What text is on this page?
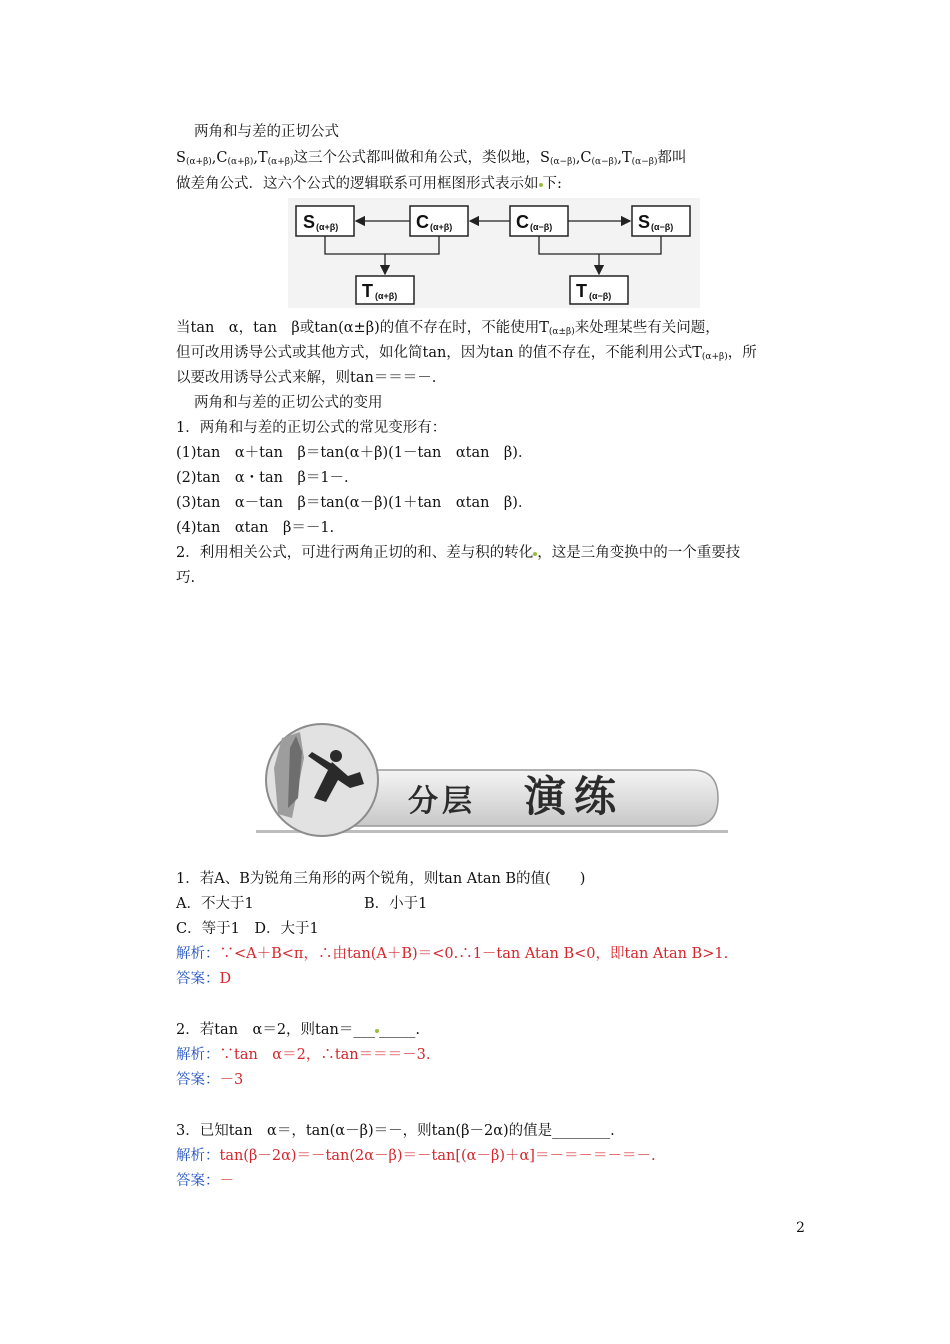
两角和与差的正切公式
$S_{(\alpha+\beta)},C_{(\alpha+\beta)},T_{(\alpha+\beta)}$这三个公式都叫做和角公式，类似地，$S_{(\alpha-\beta)},C_{(\alpha-\beta)},T_{(\alpha-\beta)}$都叫
做差角公式．这六个公式的逻辑联系可用框图形式表示如 下:
S (α+β)	C (α+β)	C (α−β)	S (α−β)
T (α+β)	T (α−β)
当tan　α，tan　β或tan(α±β)的值不存在时，不能使用$T_{(\alpha\pm\beta)}$来处理某些有关问题，
但可改用诱导公式或其他方式，如化简tan，因为tan 的值不存在，不能利用公式$T_{(\alpha+\beta)}$，所
以要改用诱导公式来解，则tan＝＝＝－.
两角和与差的正切公式的变用
1．两角和与差的正切公式的常见变形有：
(1)tan　α＋tan　β＝tan(α＋β)(1－tan　αtan　β)．
(2)tan　α・tan　β＝1－.
(3)tan　α－tan　β＝tan(α－β)(1＋tan　αtan　β)．
(4)tan　αtan　β＝－1.
2．利用相关公式，可进行两角正切的和、差与积的转化 ，这是三角变换中的一个重要技
巧.
分层 演练
1．若A、B为锐角三角形的两个锐角，则tan Atan B的值(　　)
A．不大于1	B．小于1
C．等于1　D．大于1
解析：∵<A＋B<π，∴由tan(A＋B)＝<0.∴1－tan Atan B<0，即tan Atan B>1.
答案：D
2．若tan　α＝2，则tan＝___ _____.
解析：∵tan　α＝2，∴tan＝＝＝－3.
答案：－3
3．已知tan　α＝，tan(α－β)＝－，则tan(β－2α)的值是________.
解析：tan(β－2α)＝－tan(2α－β)＝－tan[(α－β)＋α]＝－＝－＝－＝－.
答案：－
2
